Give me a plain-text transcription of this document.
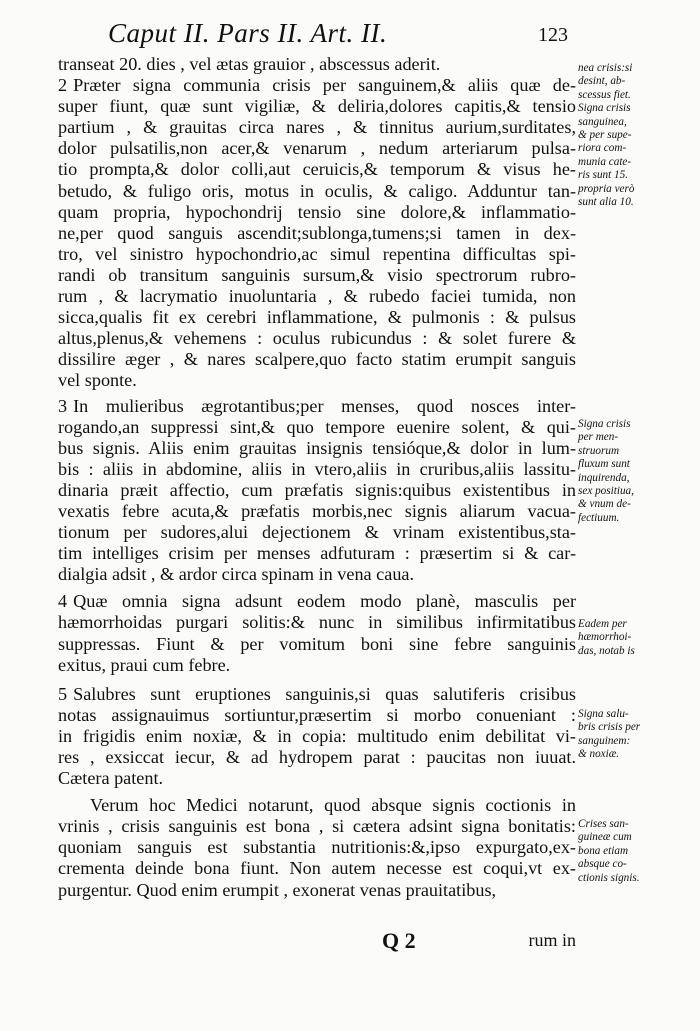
Caput II. Pars II. Art. II.	123
transeat 20. dies , vel ætas grauior , abscessus aderit.
2 Præter signa communia crisis per sanguinem,& aliis quæ de-
super fiunt, quæ sunt vigiliæ, & deliria,dolores capitis,& tensio
partium , & grauitas circa nares , & tinnitus aurium,surditates,
dolor pulsatilis,non acer,& venarum , nedum arteriarum pulsa-
tio prompta,& dolor colli,aut ceruicis,& temporum & visus he-
betudo, & fuligo oris, motus in oculis, & caligo. Adduntur tan-
quam propria, hypochondrij tensio sine dolore,& inflammatio-
ne,per quod sanguis ascendit;sublonga,tumens;si tamen in dex-
tro, vel sinistro hypochondrio,ac simul repentina difficultas spi-
randi ob transitum sanguinis sursum,& visio spectrorum rubro-
rum , & lacrymatio inuoluntaria , & rubedo faciei tumida, non
sicca,qualis fit ex cerebri inflammatione, & pulmonis : & pulsus
altus,plenus,& vehemens : oculus rubicundus : & solet furere &
dissilire æger , & nares scalpere,quo facto statim erumpit sanguis
vel sponte.
3 In mulieribus ægrotantibus;per menses, quod nosces inter-
rogando,an suppressi sint,& quo tempore euenire solent, & qui-
bus signis. Aliis enim grauitas insignis tensióque,& dolor in lum-
bis : aliis in abdomine, aliis in vtero,aliis in cruribus,aliis lassitu-
dinaria præit affectio, cum præfatis signis:quibus existentibus in
vexatis febre acuta,& præfatis morbis,nec signis aliarum vacua-
tionum per sudores,alui dejectionem & vrinam existentibus,sta-
tim intelliges crisim per menses adfuturam : præsertim si & car-
dialgia adsit , & ardor circa spinam in vena caua.
4 Quæ omnia signa adsunt eodem modo planè, masculis per
hæmorrhoidas purgari solitis:& nunc in similibus infirmitatibus
suppressas. Fiunt & per vomitum boni sine febre sanguinis
exitus, praui cum febre.
5 Salubres sunt eruptiones sanguinis,si quas salutiferis crisibus
notas assignauimus sortiuntur,præsertim si morbo conueniant :
in frigidis enim noxiæ, & in copia: multitudo enim debilitat vi-
res , exsiccat iecur, & ad hydropem parat : paucitas non iuuat.
Cætera patent.
Verum hoc Medici notarunt, quod absque signis coctionis in
vrinis , crisis sanguinis est bona , si cætera adsint signa bonitatis:
quoniam sanguis est substantia nutritionis:&,ipso expurgato,ex-
crementa deinde bona fiunt. Non autem necesse est coqui,vt ex-
purgentur. Quod enim erumpit , exonerat venas prauitatibus,
nea crisis:si
desint, ab-
scessus fiet.
Signa crisis
sanguinea,
& per supe-
riora com-
munia cate-
ris sunt 15.
propria verò
sunt alia 10.
Signa crisis
per men-
struorum
fluxum sunt
inquirenda,
sex positiua,
& vnum de-
fectiuum.
Eadem per
hæmorrhoi-
das, notab is
Signa salu-
bris crisis per
sanguinem:
& noxiæ.
Crises san-
guineæ cum
bona etiam
absque co-
ctionis signis.
Q 2	rum in
